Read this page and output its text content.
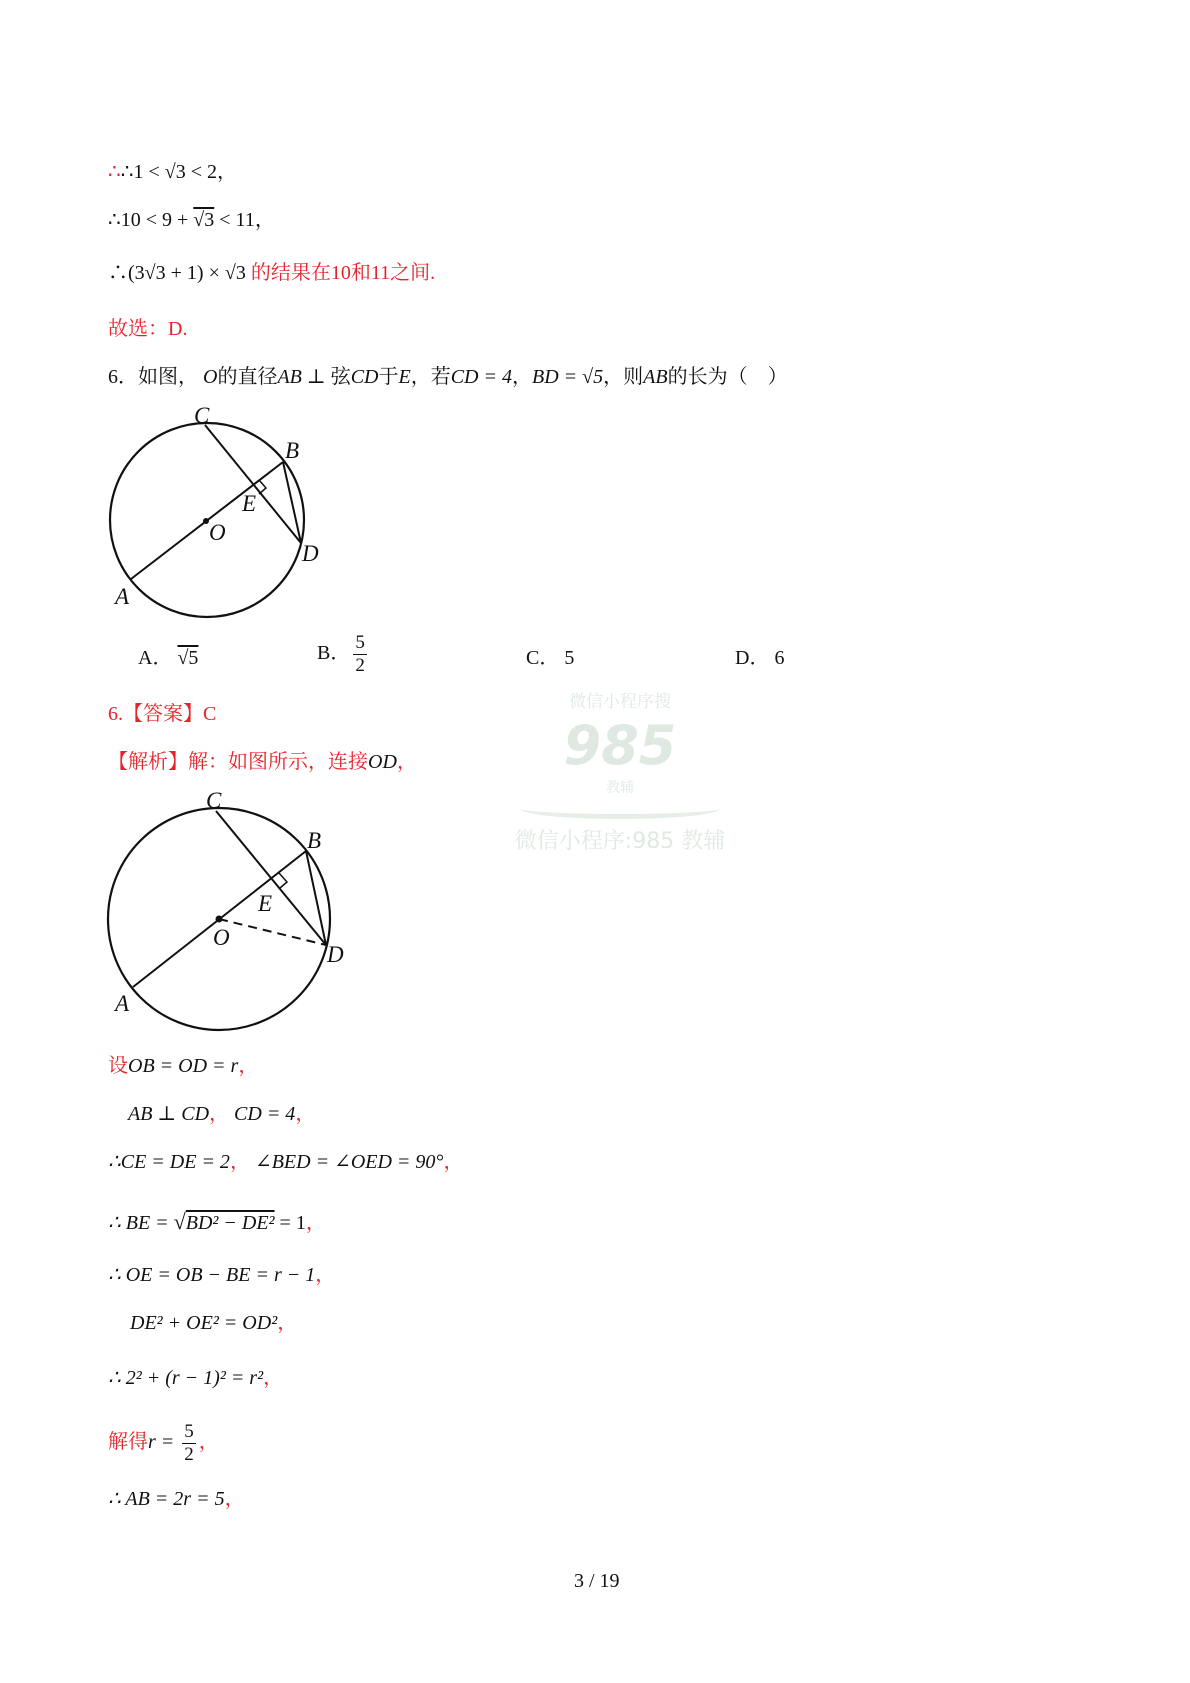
∴∴1 < √3 < 2，
∴10 < 9 + √3 < 11，
∴(3√3 + 1) × √3 的结果在10和11之间.
故选：D.
6．如图， O的直径AB ⊥ 弦CD于E，若CD = 4，BD = √5，则AB的长为（　）
C
B
E
O
D
A
A． √5	B． $\frac{5}{2}$	C． 5	D． 6
微信小程序搜
985
教辅
微信小程序:985 教辅
6.【答案】C
【解析】解：如图所示，连接OD，
C
B
E
O
D
A
设OB = OD = r，
AB ⊥ CD， CD = 4，
∴CE = DE = 2， ∠BED = ∠OED = 90°，
∴ BE = √BD² − DE² = 1，
∴ OE = OB − BE = r − 1，
DE² + OE² = OD²，
∴ 2² + (r − 1)² = r²，
解得$r = \frac{5}{2}$ ，
∴ AB = 2r = 5，
3 / 19
